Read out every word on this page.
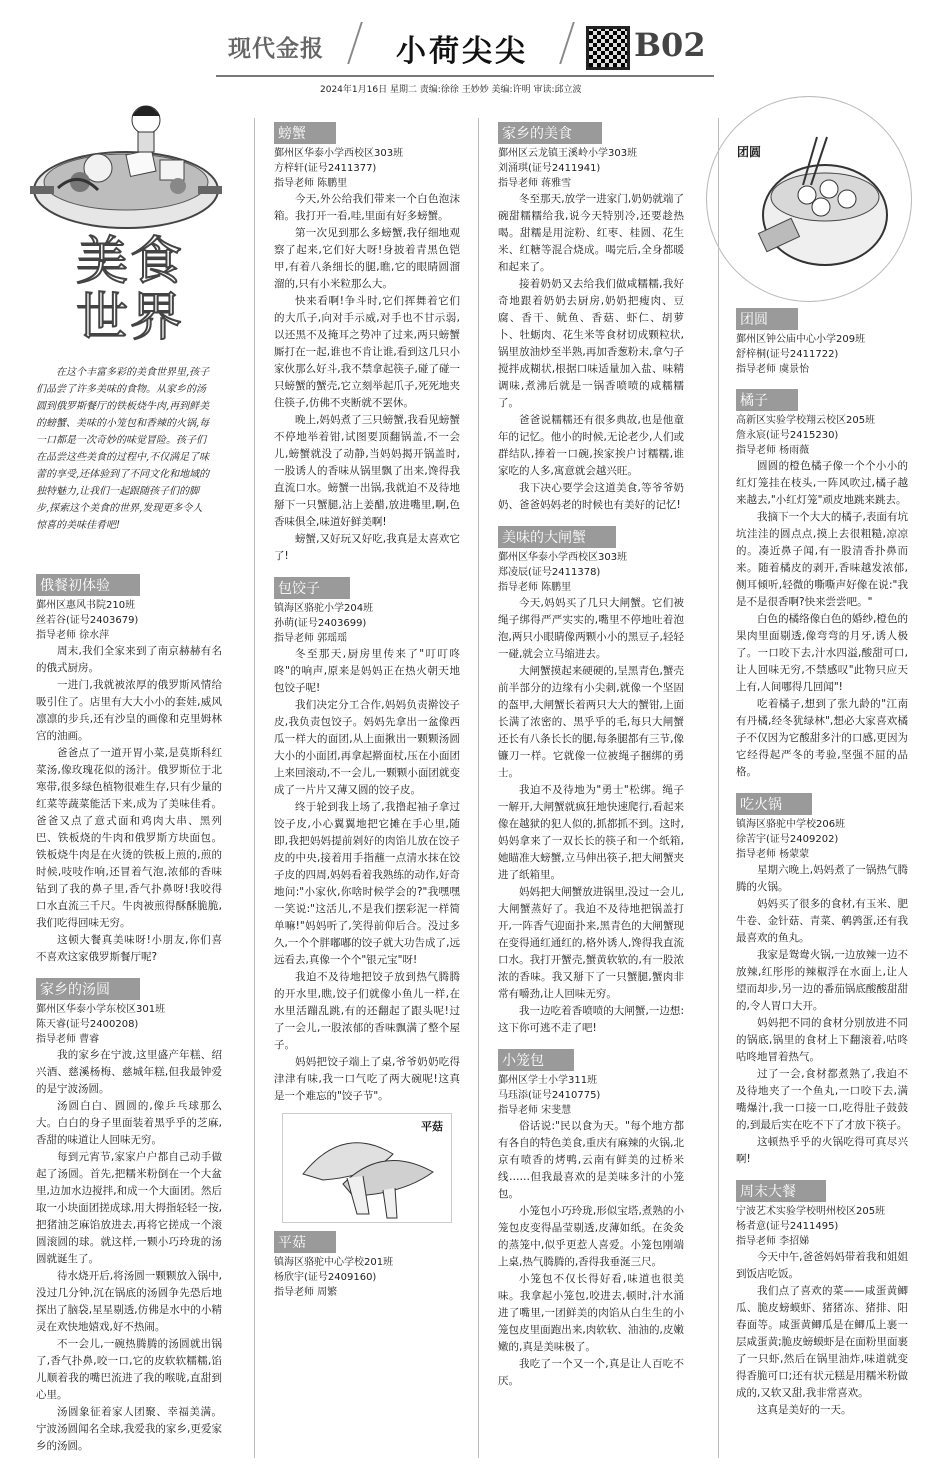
现代金报 小荷尖尖	B02
2024年1月16日 星期二 责编:徐徐 王妙妙 美编:许明 审读:邱立波
美食
世界
在这个丰富多彩的美食世界里,孩子们品尝了许多美味的食物。从家乡的汤圆到俄罗斯餐厅的铁板烧牛肉,再到鲜美的螃蟹、美味的小笼包和香辣的火锅,每一口都是一次奇妙的味觉冒险。孩子们在品尝这些美食的过程中,不仅满足了味蕾的享受,还体验到了不同文化和地域的独特魅力,让我们一起跟随孩子们的脚步,探索这个美食的世界,发现更多令人惊喜的美味佳肴吧!
团圆
俄餐初体验
鄞州区惠风书院210班
丝若谷(证号2403679)
指导老师 徐水萍

周末,我们全家来到了南京赫赫有名的俄式厨房。

一进门,我就被浓厚的俄罗斯风情给吸引住了。店里有大大小小的套娃,威风凛凛的步兵,还有沙皇的画像和克里姆林宫的油画。

爸爸点了一道开胃小菜,是莫斯科红菜汤,像玫瑰花似的汤汁。俄罗斯位于北寒带,很多绿色植物很难生存,只有少量的红菜等蔬菜能活下来,成为了美味佳肴。爸爸又点了意式面和鸡肉大串、黑列巴、铁板烧的牛肉和俄罗斯方块面包。铁板烧牛肉是在火烫的铁板上煎的,煎的时候,吱吱作响,还冒着气泡,浓郁的香味钻到了我的鼻子里,香气扑鼻呀!我咬得口水直流三千尺。牛肉被煎得酥酥脆脆,我们吃得回味无穷。

这顿大餐真美味呀!小朋友,你们喜不喜欢这家俄罗斯餐厅呢?

家乡的汤圆
鄞州区华泰小学东校区301班
陈天睿(证号2400208)
指导老师 曹睿

我的家乡在宁波,这里盛产年糕、绍兴酒、慈溪杨梅、慈城年糕,但我最钟爱的是宁波汤圆。

汤圆白白、圆圆的,像乒乓球那么大。白白的身子里面装着黑乎乎的芝麻,香甜的味道让人回味无穷。

每到元宵节,家家户户都自己动手做起了汤圆。首先,把糯米粉倒在一个大盆里,边加水边搅拌,和成一个大面团。然后取一小块面团搓成球,用大拇指轻轻一按,把猪油芝麻馅放进去,再将它搓成一个滚圆滚圆的球。就这样,一颗小巧玲珑的汤圆就诞生了。

待水烧开后,将汤圆一颗颗放入锅中,没过几分钟,沉在锅底的汤圆争先恐后地探出了脑袋,星星剔透,仿佛是水中的小精灵在欢快地嬉戏,好不热闹。

不一会儿,一碗热腾腾的汤圆就出锅了,香气扑鼻,咬一口,它的皮软软糯糯,馅儿顺着我的嘴巴流进了我的喉咙,直甜到心里。

汤圆象征着家人团聚、幸福美满。宁波汤圆闻名全球,我爱我的家乡,更爱家乡的汤圆。

螃蟹
鄞州区华泰小学西校区303班
方梓轩(证号2411377)
指导老师 陈鹏里

今天,外公给我们带来一个白色泡沫箱。我打开一看,哇,里面有好多螃蟹。

第一次见到那么多螃蟹,我仔细地观察了起来,它们好大呀!身披着青黑色铠甲,有着八条细长的腿,瞧,它的眼睛圆溜溜的,只有小米粒那么大。

快来看啊!争斗时,它们挥舞着它们的大爪子,向对手示威,对手也不甘示弱,以还黑不及掩耳之势冲了过来,两只螃蟹厮打在一起,谁也不肯让谁,看到这几只小家伙那么好斗,我不禁拿起筷子,碰了碰一只螃蟹的蟹壳,它立刻举起爪子,死死地夹住筷子,仿佛不夹断就不罢休。

晚上,妈妈煮了三只螃蟹,我看见螃蟹不停地举着钳,试图要顶翻锅盖,不一会儿,螃蟹就没了动静,当妈妈揭开锅盖时,一股诱人的香味从锅里飘了出来,馋得我直流口水。螃蟹一出锅,我就迫不及待地掰下一只蟹腿,沾上姜醋,放进嘴里,啊,色香味俱全,味道好鲜美啊!

螃蟹,又好玩又好吃,我真是太喜欢它了!

包饺子
镇海区骆驼小学204班
孙萌(证号2403699)
指导老师 郭瑶瑶

冬至那天,厨房里传来了"叮叮咚咚"的响声,原来是妈妈正在热火朝天地包饺子呢!

我们决定分工合作,妈妈负责擀饺子皮,我负责包饺子。妈妈先拿出一盆像西瓜一样大的面团,从上面揪出一颗颗汤圆大小的小面团,再拿起擀面杖,压在小面团上来回滚动,不一会儿,一颗颗小面团就变成了一片片又薄又圆的饺子皮。

终于轮到我上场了,我撸起袖子拿过饺子皮,小心翼翼地把它摊在手心里,随即,我把妈妈提前剁好的肉馅儿放在饺子皮的中央,接着用手指蘸一点清水抹在饺子皮的四周,妈妈看着我熟练的动作,好奇地问:"小家伙,你啥时候学会的?"我嘿嘿一笑说:"这活儿,不是我们摆彩泥一样简单嘛!"妈妈听了,笑得前仰后合。没过多久,一个个胖嘟嘟的饺子就大功告成了,远远看去,真像一个个"银元宝"呀!

我迫不及待地把饺子放到热气腾腾的开水里,瞧,饺子们就像小鱼儿一样,在水里活蹦乱跳,有的还翻起了跟头呢!过了一会儿,一股浓郁的香味飘满了整个屋子。

妈妈把饺子端上了桌,爷爷奶奶吃得津津有味,我一口气吃了两大碗呢!这真是一个难忘的"饺子节"。

平菇
平菇
镇海区骆驼中心学校201班
杨欣宇(证号2409160)
指导老师 周繁
家乡的美食
鄞州区云龙镇王溪岭小学303班
刘涌琪(证号2411941)
指导老师 蒋雅雪

冬至那天,放学一进家门,奶奶就端了碗甜糯糯给我,说今天特别冷,还要趁热喝。甜糯是用淀粉、红枣、桂圆、花生米、红糖等混合烧成。喝完后,全身都暖和起来了。

接着奶奶又去给我们做咸糯糯,我好奇地跟着奶奶去厨房,奶奶把瘦肉、豆腐、香干、鱿鱼、香菇、虾仁、胡萝卜、牡蛎肉、花生米等食材切成颗粒状,锅里放油炒至半熟,再加香葱粉末,拿勺子搅拌成糊状,根据口味适量加入盐、味精调味,煮沸后就是一锅香喷喷的咸糯糯了。

爸爸说糯糯还有很多典故,也是他童年的记忆。他小的时候,无论老少,人们或群结队,捧着一口碗,挨家挨户讨糯糯,谁家吃的人多,寓意就会越兴旺。

我下决心要学会这道美食,等爷爷奶奶、爸爸妈妈老的时候也有美好的记忆!

美味的大闸蟹
鄞州区华泰小学西校区303班
郑凌辰(证号2411378)
指导老师 陈鹏里

今天,妈妈买了几只大闸蟹。它们被绳子绑得严严实实的,嘴里不停地吐着泡泡,两只小眼睛像两颗小小的黑豆子,轻轻一碰,就会立马缩进去。

大闸蟹摸起来硬硬的,呈黑青色,蟹壳前半部分的边缘有小尖刺,就像一个坚固的盔甲,大闸蟹长着两只大大的蟹钳,上面长满了浓密的、黑乎乎的毛,每只大闸蟹还长有八条长长的腿,每条腿都有三节,像镰刀一样。它就像一位被绳子捆绑的勇士。

我迫不及待地为"勇士"松绑。绳子一解开,大闸蟹就疯狂地快速爬行,看起来像在越狱的犯人似的,抓都抓不到。这时,妈妈拿来了一双长长的筷子和一个纸箱,她瞄准大螃蟹,立马伸出筷子,把大闸蟹夹进了纸箱里。

妈妈把大闸蟹放进锅里,没过一会儿,大闸蟹蒸好了。我迫不及待地把锅盖打开,一阵香气迎面扑来,黑青色的大闸蟹现在变得通红通红的,格外诱人,馋得我直流口水。我打开蟹壳,蟹黄软软的,有一股浓浓的香味。我又掰下了一只蟹腿,蟹肉非常有嚼劲,让人回味无穷。

我一边吃着香喷喷的大闸蟹,一边想:这下你可逃不走了吧!

小笼包
鄞州区学士小学311班
马珏添(证号2410775)
指导老师 宋斐慧

俗话说:"民以食为天。"每个地方都有各自的特色美食,重庆有麻辣的火锅,北京有喷香的烤鸭,云南有鲜美的过桥米线……但我最喜欢的是美味多汁的小笼包。

小笼包小巧玲珑,形似宝塔,煮熟的小笼包皮变得晶莹剔透,皮薄如纸。在灸灸的蒸笼中,似乎更惹人喜爱。小笼包刚端上桌,热气腾腾的,香得我垂涎三尺。

小笼包不仅长得好看,味道也很美味。我拿起小笼包,咬进去,顿时,汁水涌进了嘴里,一团鲜美的肉馅从白生生的小笼包皮里面跑出来,肉软软、油油的,皮嫩嫩的,真是美味极了。

我吃了一个又一个,真是让人百吃不厌。

团圆
鄞州区钟公庙中心小学209班
舒梓桐(证号2411722)
指导老师 虞景怡
橘子
高新区实验学校翔云校区205班
詹永宸(证号2415230)
指导老师 杨雨薇

圆圆的橙色橘子像一个个小小的红灯笼挂在枝头,一阵风吹过,橘子越来越去,"小红灯笼"顽皮地跳来跳去。

我摘下一个大大的橘子,表面有坑坑洼洼的圆点点,摸上去很粗糙,凉凉的。凑近鼻子闻,有一股清香扑鼻而来。随着橘皮的剥开,香味越发浓郁,侧耳倾听,轻微的嘶嘶声好像在说:"我是不是很香啊?快来尝尝吧。"

白色的橘络像白色的婚纱,橙色的果肉里面剔透,像弯弯的月牙,诱人极了。一口咬下去,汁水四溢,酸甜可口,让人回味无穷,不禁感叹"此物只应天上有,人间哪得几回闻"!

吃着橘子,想到了张九龄的"江南有丹橘,经冬犹绿林",想必大家喜欢橘子不仅因为它酸甜多汁的口感,更因为它经得起严冬的考验,坚强不屈的品格。

吃火锅
镇海区骆驼中学校206班
徐苦宇(证号2409202)
指导老师 杨蒙蒙

星期六晚上,妈妈煮了一锅热气腾腾的火锅。

妈妈买了很多的食材,有玉米、肥牛卷、金针菇、青菜、鹌鹑蛋,还有我最喜欢的鱼丸。

我家是鸳鸯火锅,一边放辣一边不放辣,红彤彤的辣椒浮在水面上,让人望而却步,另一边的番茄锅底酸酸甜甜的,令人胃口大开。

妈妈把不同的食材分别放进不同的锅底,锅里的食材上下翻滚着,咕咚咕咚地冒着热气。

过了一会,食材都煮熟了,我迫不及待地夹了一个鱼丸,一口咬下去,满嘴爆汁,我一口接一口,吃得肚子鼓鼓的,到最后实在吃不下了才放下筷子。

这顿热乎乎的火锅吃得可真尽兴啊!

周末大餐
宁波艺术实验学校明州校区205班
杨者意(证号2411495)
指导老师 李招娣

今天中午,爸爸妈妈带着我和姐姐到饭店吃饭。

我们点了喜欢的菜——咸蛋黄鲫瓜、脆皮螃蟆虾、猪猪冻、猪排、阳春面等。咸蛋黄鲫瓜是在鲫瓜上裹一层咸蛋黄;脆皮螃蟆虾是在面粉里面裹了一只虾,然后在锅里油炸,味道就变得香脆可口;还有状元糕是用糯米粉做成的,又软又甜,我非常喜欢。

这真是美好的一天。
